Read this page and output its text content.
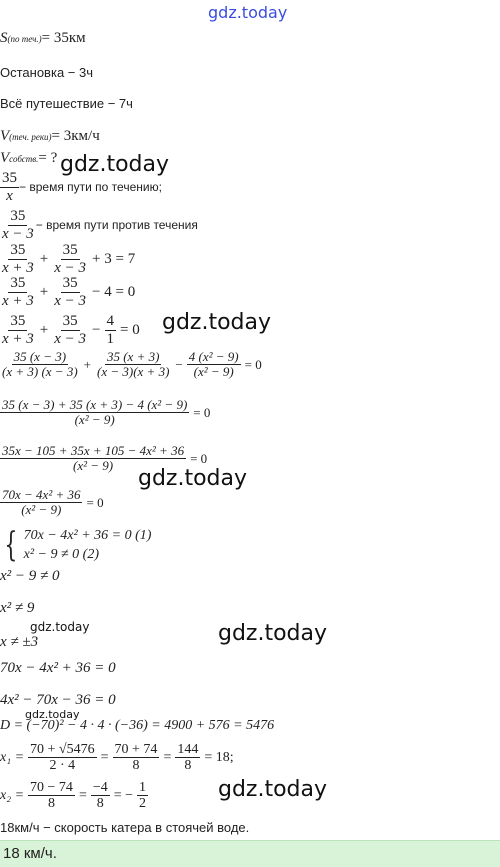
gdz.today
gdz.today
gdz.today
gdz.today
gdz.today	gdz.today
gdz.today
gdz.today
S (по теч.) = 35км
Остановка − 3ч
Всё путешествие − 7ч
V (теч. реки) = 3км/ч
V собств. = ?
$\frac{35}{x}$ − время пути по течению;
$\frac{35}{x - 3}$ − время пути против течения
$\frac{35}{x + 3} + \frac{35}{x - 3} + 3 = 7$
$\frac{35}{x + 3} + \frac{35}{x - 3} - 4 = 0$
$\frac{35}{x + 3} + \frac{35}{x - 3} - \frac{4}{1} = 0$
$\frac{35 (x - 3)}{(x + 3) (x - 3)} + \frac{35 (x + 3)}{(x - 3)(x + 3)} - \frac{\text{4 (x² − 9)}}{\text{(x² − 9)}} = 0$
$\frac{\text{35 (x − 3) + 35 (x + 3) − 4 (x² − 9)}}{\text{(x² − 9)}} = 0$
$\frac{\text{35x − 105 + 35x + 105 − 4x² + 36}}{\text{(x² − 9)}} = 0$
$\frac{\text{70x − 4x² + 36}}{\text{(x² − 9)}} = 0$
{ 70x − 4x² + 36 = 0 (1)
x² − 9 ≠ 0 (2)
x² − 9 ≠ 0
x² ≠ 9
x ≠ ±3
70x − 4x² + 36 = 0
4x² − 70x − 36 = 0
D = (−70)² − 4 · 4 · (−36) = 4900 + 576 = 5476
$x_1 = \frac{70 + √5476}{2 \cdot 4} = \frac{70 + 74}{8} = \frac{144}{8} = 18$;
$x_2 = \frac{70 - 74}{8} = \frac{-4}{8}$ = − $\frac{1}{2}$
18км/ч − скорость катера в стоячей воде.
18 км/ч.
